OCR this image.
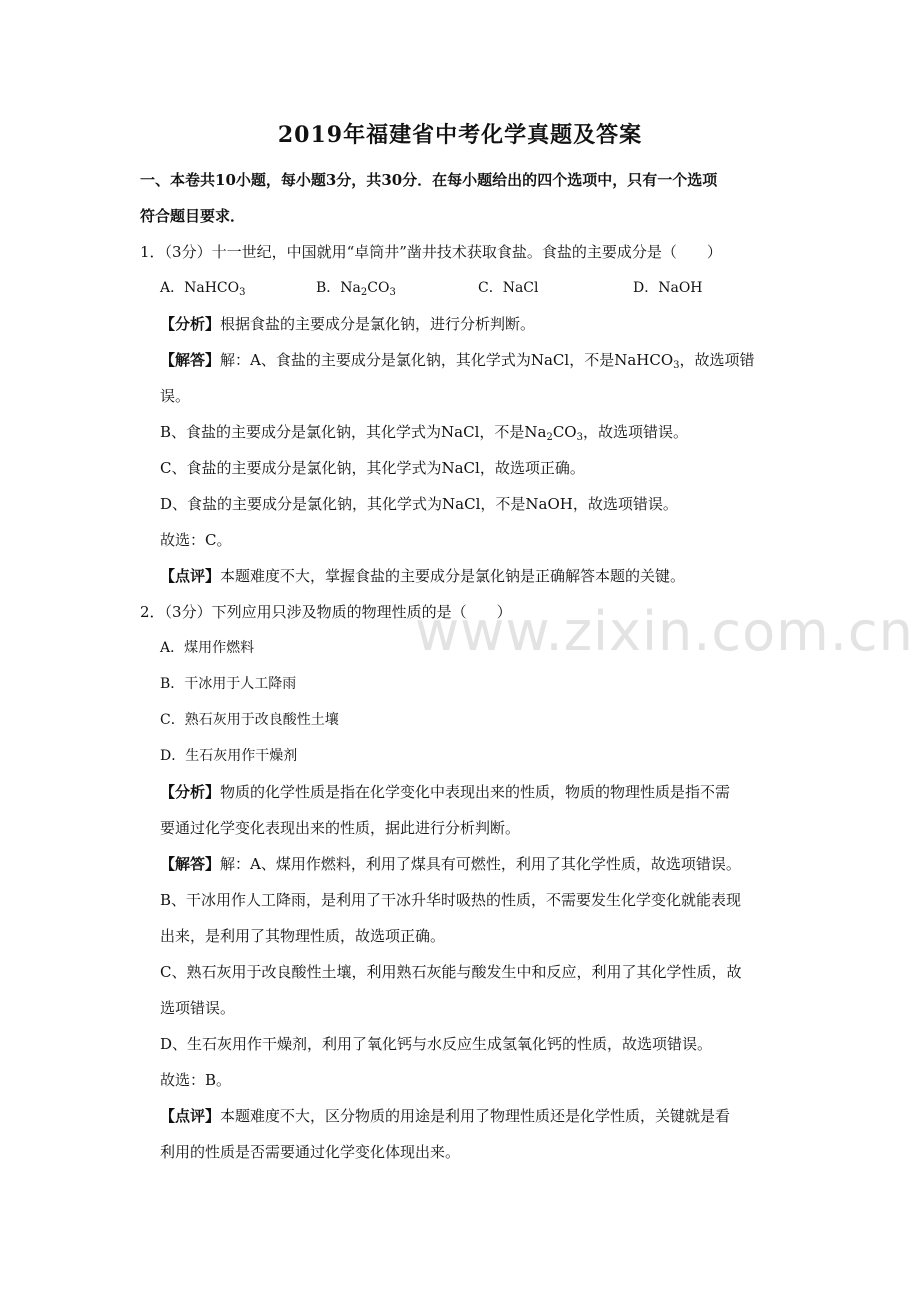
2019年福建省中考化学真题及答案
一、本卷共10小题，每小题3分，共30分．在每小题给出的四个选项中，只有一个选项
符合题目要求．
1．（3分）十一世纪，中国就用“卓筒井”凿井技术获取食盐。食盐的主要成分是（　　）
A．NaHCO$_3$	B．$Na_2CO_3$	C．NaCl	D．NaOH
【分析】根据食盐的主要成分是氯化钠，进行分析判断。
【解答】解：A、食盐的主要成分是氯化钠，其化学式为NaCl，不是NaHCO$_3$，故选项错
误。
B、食盐的主要成分是氯化钠，其化学式为NaCl，不是$Na_2CO_3$，故选项错误。
C、食盐的主要成分是氯化钠，其化学式为NaCl，故选项正确。
D、食盐的主要成分是氯化钠，其化学式为NaCl，不是NaOH，故选项错误。
故选：C。
【点评】本题难度不大，掌握食盐的主要成分是氯化钠是正确解答本题的关键。
2．（3分）下列应用只涉及物质的物理性质的是（　　）
A．煤用作燃料
B．干冰用于人工降雨
C．熟石灰用于改良酸性土壤
D．生石灰用作干燥剂
【分析】物质的化学性质是指在化学变化中表现出来的性质，物质的物理性质是指不需
要通过化学变化表现出来的性质，据此进行分析判断。
【解答】解：A、煤用作燃料，利用了煤具有可燃性，利用了其化学性质，故选项错误。
B、干冰用作人工降雨，是利用了干冰升华时吸热的性质，不需要发生化学变化就能表现
出来，是利用了其物理性质，故选项正确。
C、熟石灰用于改良酸性土壤，利用熟石灰能与酸发生中和反应，利用了其化学性质，故
选项错误。
D、生石灰用作干燥剂，利用了氧化钙与水反应生成氢氧化钙的性质，故选项错误。
故选：B。
【点评】本题难度不大，区分物质的用途是利用了物理性质还是化学性质，关键就是看
利用的性质是否需要通过化学变化体现出来。
www.zixin.com.cn
